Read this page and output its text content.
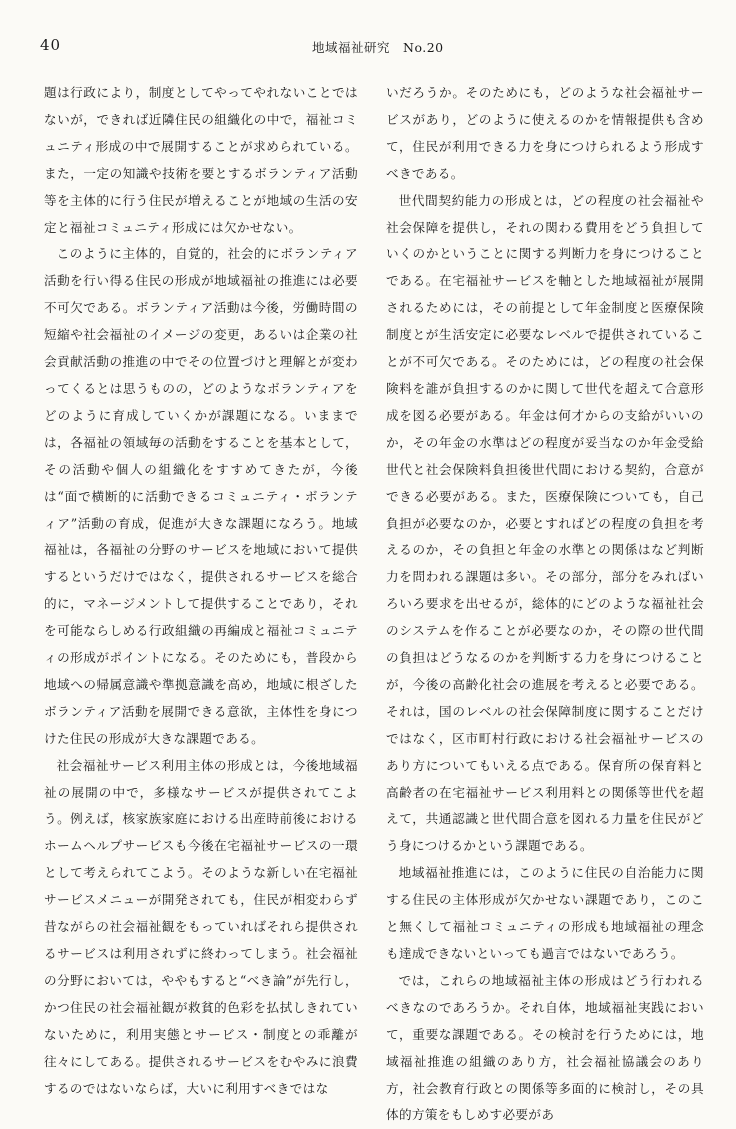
40	地域福祉研究　No.20

題は行政により，制度としてやってやれないことではないが，できれば近隣住民の組織化の中で，福祉コミュニティ形成の中で展開することが求められている。また，一定の知識や技術を要とするボランティア活動等を主体的に行う住民が増えることが地域の生活の安定と福祉コミュニティ形成には欠かせない。

このように主体的，自覚的，社会的にボランティア活動を行い得る住民の形成が地域福祉の推進には必要不可欠である。ボランティア活動は今後，労働時間の短縮や社会福祉のイメージの変更，あるいは企業の社会貢献活動の推進の中でその位置づけと理解とが変わってくるとは思うものの，どのようなボランティアをどのように育成していくかが課題になる。いままでは，各福祉の領域毎の活動をすることを基本として，その活動や個人の組織化をすすめてきたが，今後は“面で横断的に活動できるコミュニティ・ボランティア”活動の育成，促進が大きな課題になろう。地域福祉は，各福祉の分野のサービスを地域において提供するというだけではなく，提供されるサービスを総合的に，マネージメントして提供することであり，それを可能ならしめる行政組織の再編成と福祉コミュニティの形成がポイントになる。そのためにも，普段から地域への帰属意識や準拠意識を高め，地域に根ざしたボランティア活動を展開できる意欲，主体性を身につけた住民の形成が大きな課題である。

社会福祉サービス利用主体の形成とは，今後地域福祉の展開の中で，多様なサービスが提供されてこよう。例えば，核家族家庭における出産時前後におけるホームヘルプサービスも今後在宅福祉サービスの一環として考えられてこよう。そのような新しい在宅福祉サービスメニューが開発されても，住民が相変わらず昔ながらの社会福祉観をもっていればそれら提供されるサービスは利用されずに終わってしまう。社会福祉の分野においては，ややもすると“べき論”が先行し，かつ住民の社会福祉観が救貧的色彩を払拭しきれていないために，利用実態とサービス・制度との乖離が往々にしてある。提供されるサービスをむやみに浪費するのではないならば，大いに利用すべきではな

いだろうか。そのためにも，どのような社会福祉サービスがあり，どのように使えるのかを情報提供も含めて，住民が利用できる力を身につけられるよう形成すべきである。

世代間契約能力の形成とは，どの程度の社会福祉や社会保障を提供し，それの関わる費用をどう負担していくのかということに関する判断力を身につけることである。在宅福祉サービスを軸とした地域福祉が展開されるためには，その前提として年金制度と医療保険制度とが生活安定に必要なレベルで提供されていることが不可欠である。そのためには，どの程度の社会保険料を誰が負担するのかに関して世代を超えて合意形成を図る必要がある。年金は何才からの支給がいいのか，その年金の水準はどの程度が妥当なのか年金受給世代と社会保険料負担後世代間における契約，合意ができる必要がある。また，医療保険についても，自己負担が必要なのか，必要とすればどの程度の負担を考えるのか，その負担と年金の水準との関係はなど判断力を問われる課題は多い。その部分，部分をみればいろいろ要求を出せるが，総体的にどのような福祉社会のシステムを作ることが必要なのか，その際の世代間の負担はどうなるのかを判断する力を身につけることが，今後の高齢化社会の進展を考えると必要である。それは，国のレベルの社会保障制度に関することだけではなく，区市町村行政における社会福祉サービスのあり方についてもいえる点である。保育所の保育料と高齢者の在宅福祉サービス利用料との関係等世代を超えて，共通認識と世代間合意を図れる力量を住民がどう身につけるかという課題である。

地域福祉推進には，このように住民の自治能力に関する住民の主体形成が欠かせない課題であり，このこと無くして福祉コミュニティの形成も地域福祉の理念も達成できないといっても過言ではないであろう。

では，これらの地域福祉主体の形成はどう行われるべきなのであろうか。それ自体，地域福祉実践において，重要な課題である。その検討を行うためには，地域福祉推進の組織のあり方，社会福祉協議会のあり方，社会教育行政との関係等多面的に検討し，その具体的方策をもしめす必要があ
